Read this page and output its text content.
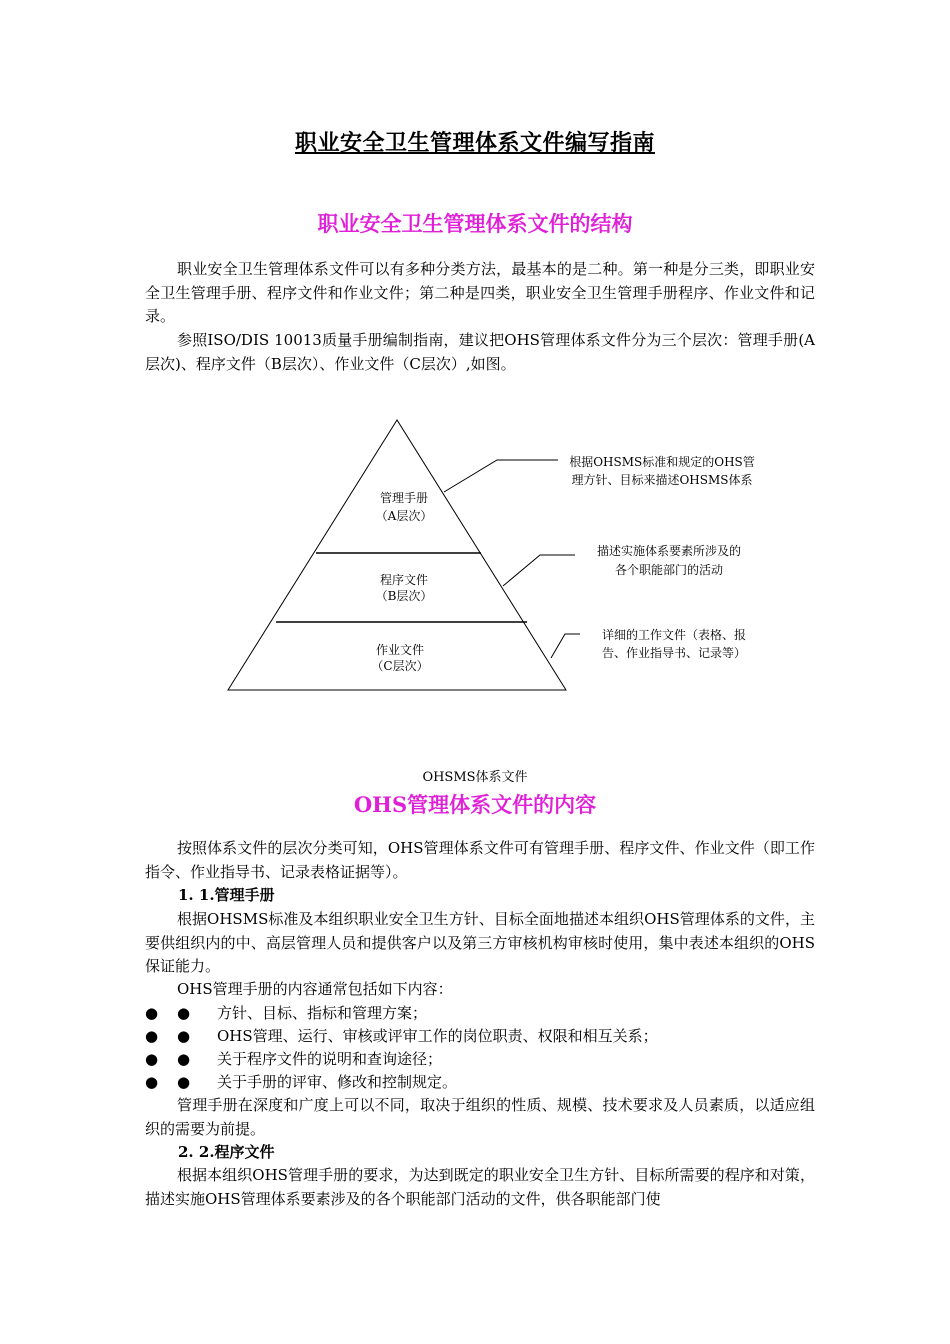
职业安全卫生管理体系文件编写指南
职业安全卫生管理体系文件的结构
职业安全卫生管理体系文件可以有多种分类方法，最基本的是二种。第一种是分三类，即职业安全卫生管理手册、程序文件和作业文件；第二种是四类，职业安全卫生管理手册程序、作业文件和记录。
参照ISO/DIS 10013质量手册编制指南，建议把OHS管理体系文件分为三个层次：管理手册(A层次)、程序文件（B层次）、作业文件（C层次）,如图。
管理手册
（A层次）
程序文件
（B层次）
作业文件
（C层次）
根据OHSMS标准和规定的OHS管
理方针、目标来描述OHSMS体系
描述实施体系要素所涉及的
各个职能部门的活动
详细的工作文件（表格、报
告、作业指导书、记录等）
OHSMS体系文件
OHS管理体系文件的内容
按照体系文件的层次分类可知，OHS管理体系文件可有管理手册、程序文件、作业文件（即工作指令、作业指导书、记录表格证据等）。
1. 1.管理手册
根据OHSMS标准及本组织职业安全卫生方针、目标全面地描述本组织OHS管理体系的文件，主要供组织内的中、高层管理人员和提供客户以及第三方审核机构审核时使用，集中表述本组织的OHS保证能力。
OHS管理手册的内容通常包括如下内容：
● ● 方针、目标、指标和管理方案；
● ● OHS管理、运行、审核或评审工作的岗位职责、权限和相互关系；
● ● 关于程序文件的说明和查询途径；
● ● 关于手册的评审、修改和控制规定。
管理手册在深度和广度上可以不同，取决于组织的性质、规模、技术要求及人员素质，以适应组织的需要为前提。
2. 2.程序文件
根据本组织OHS管理手册的要求，为达到既定的职业安全卫生方针、目标所需要的程序和对策，描述实施OHS管理体系要素涉及的各个职能部门活动的文件，供各职能部门使
